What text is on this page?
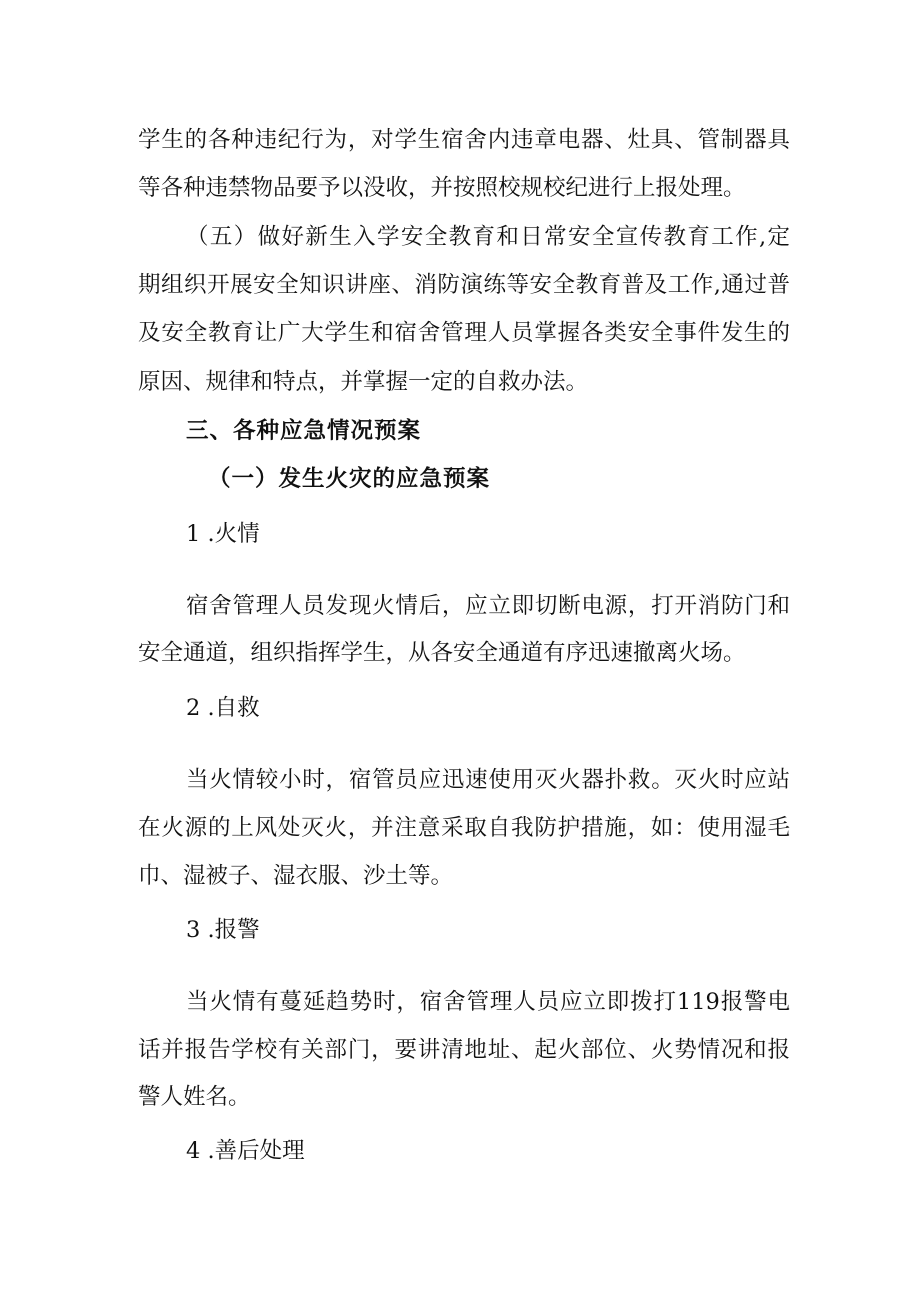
学生的各种违纪行为，对学生宿舍内违章电器、灶具、管制器具
等各种违禁物品要予以没收，并按照校规校纪进行上报处理。
（五）做好新生入学安全教育和日常安全宣传教育工作,定
期组织开展安全知识讲座、消防演练等安全教育普及工作,通过普
及安全教育让广大学生和宿舍管理人员掌握各类安全事件发生的
原因、规律和特点，并掌握一定的自救办法。
三、各种应急情况预案
（一）发生火灾的应急预案
1 .火情
宿舍管理人员发现火情后，应立即切断电源，打开消防门和
安全通道，组织指挥学生，从各安全通道有序迅速撤离火场。
2 .自救
当火情较小时，宿管员应迅速使用灭火器扑救。灭火时应站
在火源的上风处灭火，并注意采取自我防护措施，如：使用湿毛
巾、湿被子、湿衣服、沙土等。
3 .报警
当火情有蔓延趋势时，宿舍管理人员应立即拨打119报警电
话并报告学校有关部门，要讲清地址、起火部位、火势情况和报
警人姓名。
4 .善后处理
